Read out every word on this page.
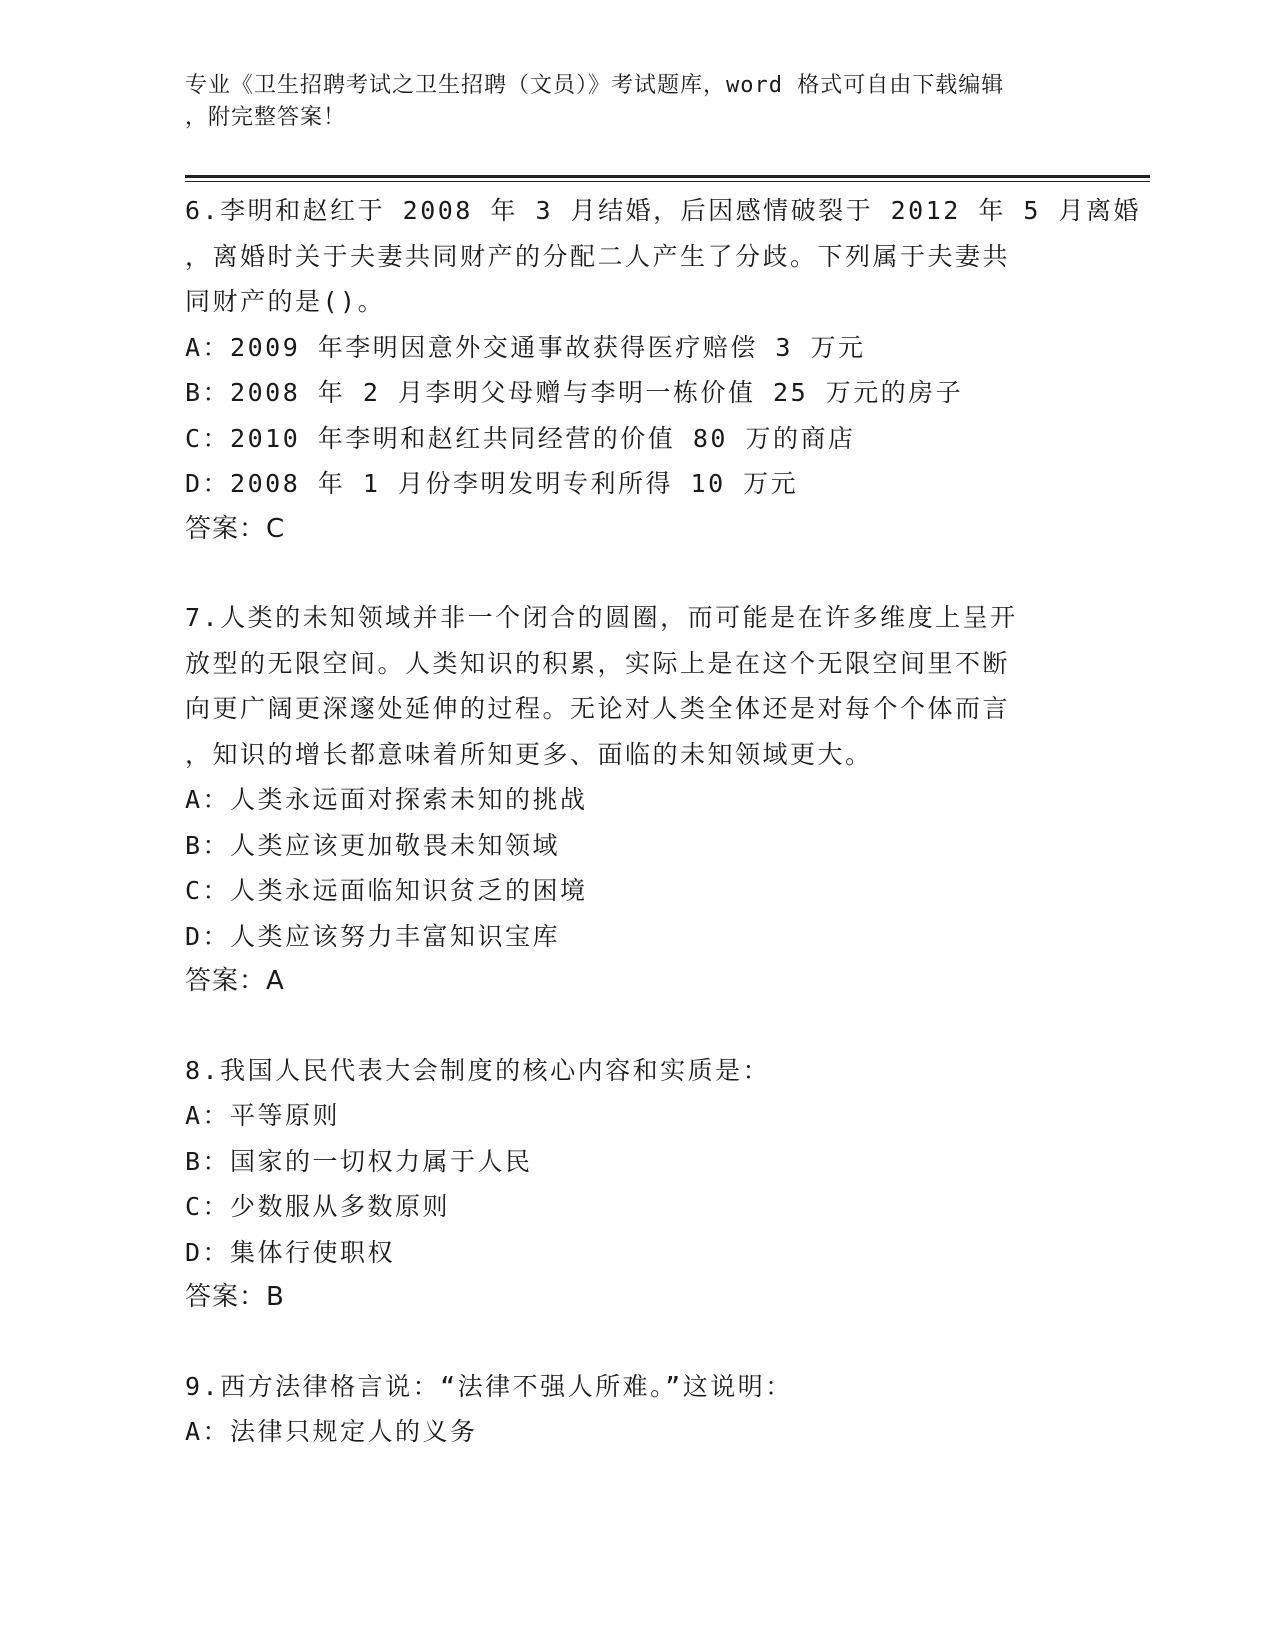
专业《卫生招聘考试之卫生招聘（文员）》考试题库，word 格式可自由下载编辑
，附完整答案！
6.李明和赵红于 2008 年 3 月结婚，后因感情破裂于 2012 年 5 月离婚
，离婚时关于夫妻共同财产的分配二人产生了分歧。下列属于夫妻共
同财产的是()。
A：2009 年李明因意外交通事故获得医疗赔偿 3 万元
B：2008 年 2 月李明父母赠与李明一栋价值 25 万元的房子
C：2010 年李明和赵红共同经营的价值 80 万的商店
D：2008 年 1 月份李明发明专利所得 10 万元
答案：C
7.人类的未知领域并非一个闭合的圆圈，而可能是在许多维度上呈开
放型的无限空间。人类知识的积累，实际上是在这个无限空间里不断
向更广阔更深邃处延伸的过程。无论对人类全体还是对每个个体而言
，知识的增长都意味着所知更多、面临的未知领域更大。
A：人类永远面对探索未知的挑战
B：人类应该更加敬畏未知领域
C：人类永远面临知识贫乏的困境
D：人类应该努力丰富知识宝库
答案：A
8.我国人民代表大会制度的核心内容和实质是：
A：平等原则
B：国家的一切权力属于人民
C：少数服从多数原则
D：集体行使职权
答案：B
9.西方法律格言说：“法律不强人所难。”这说明：
A：法律只规定人的义务
